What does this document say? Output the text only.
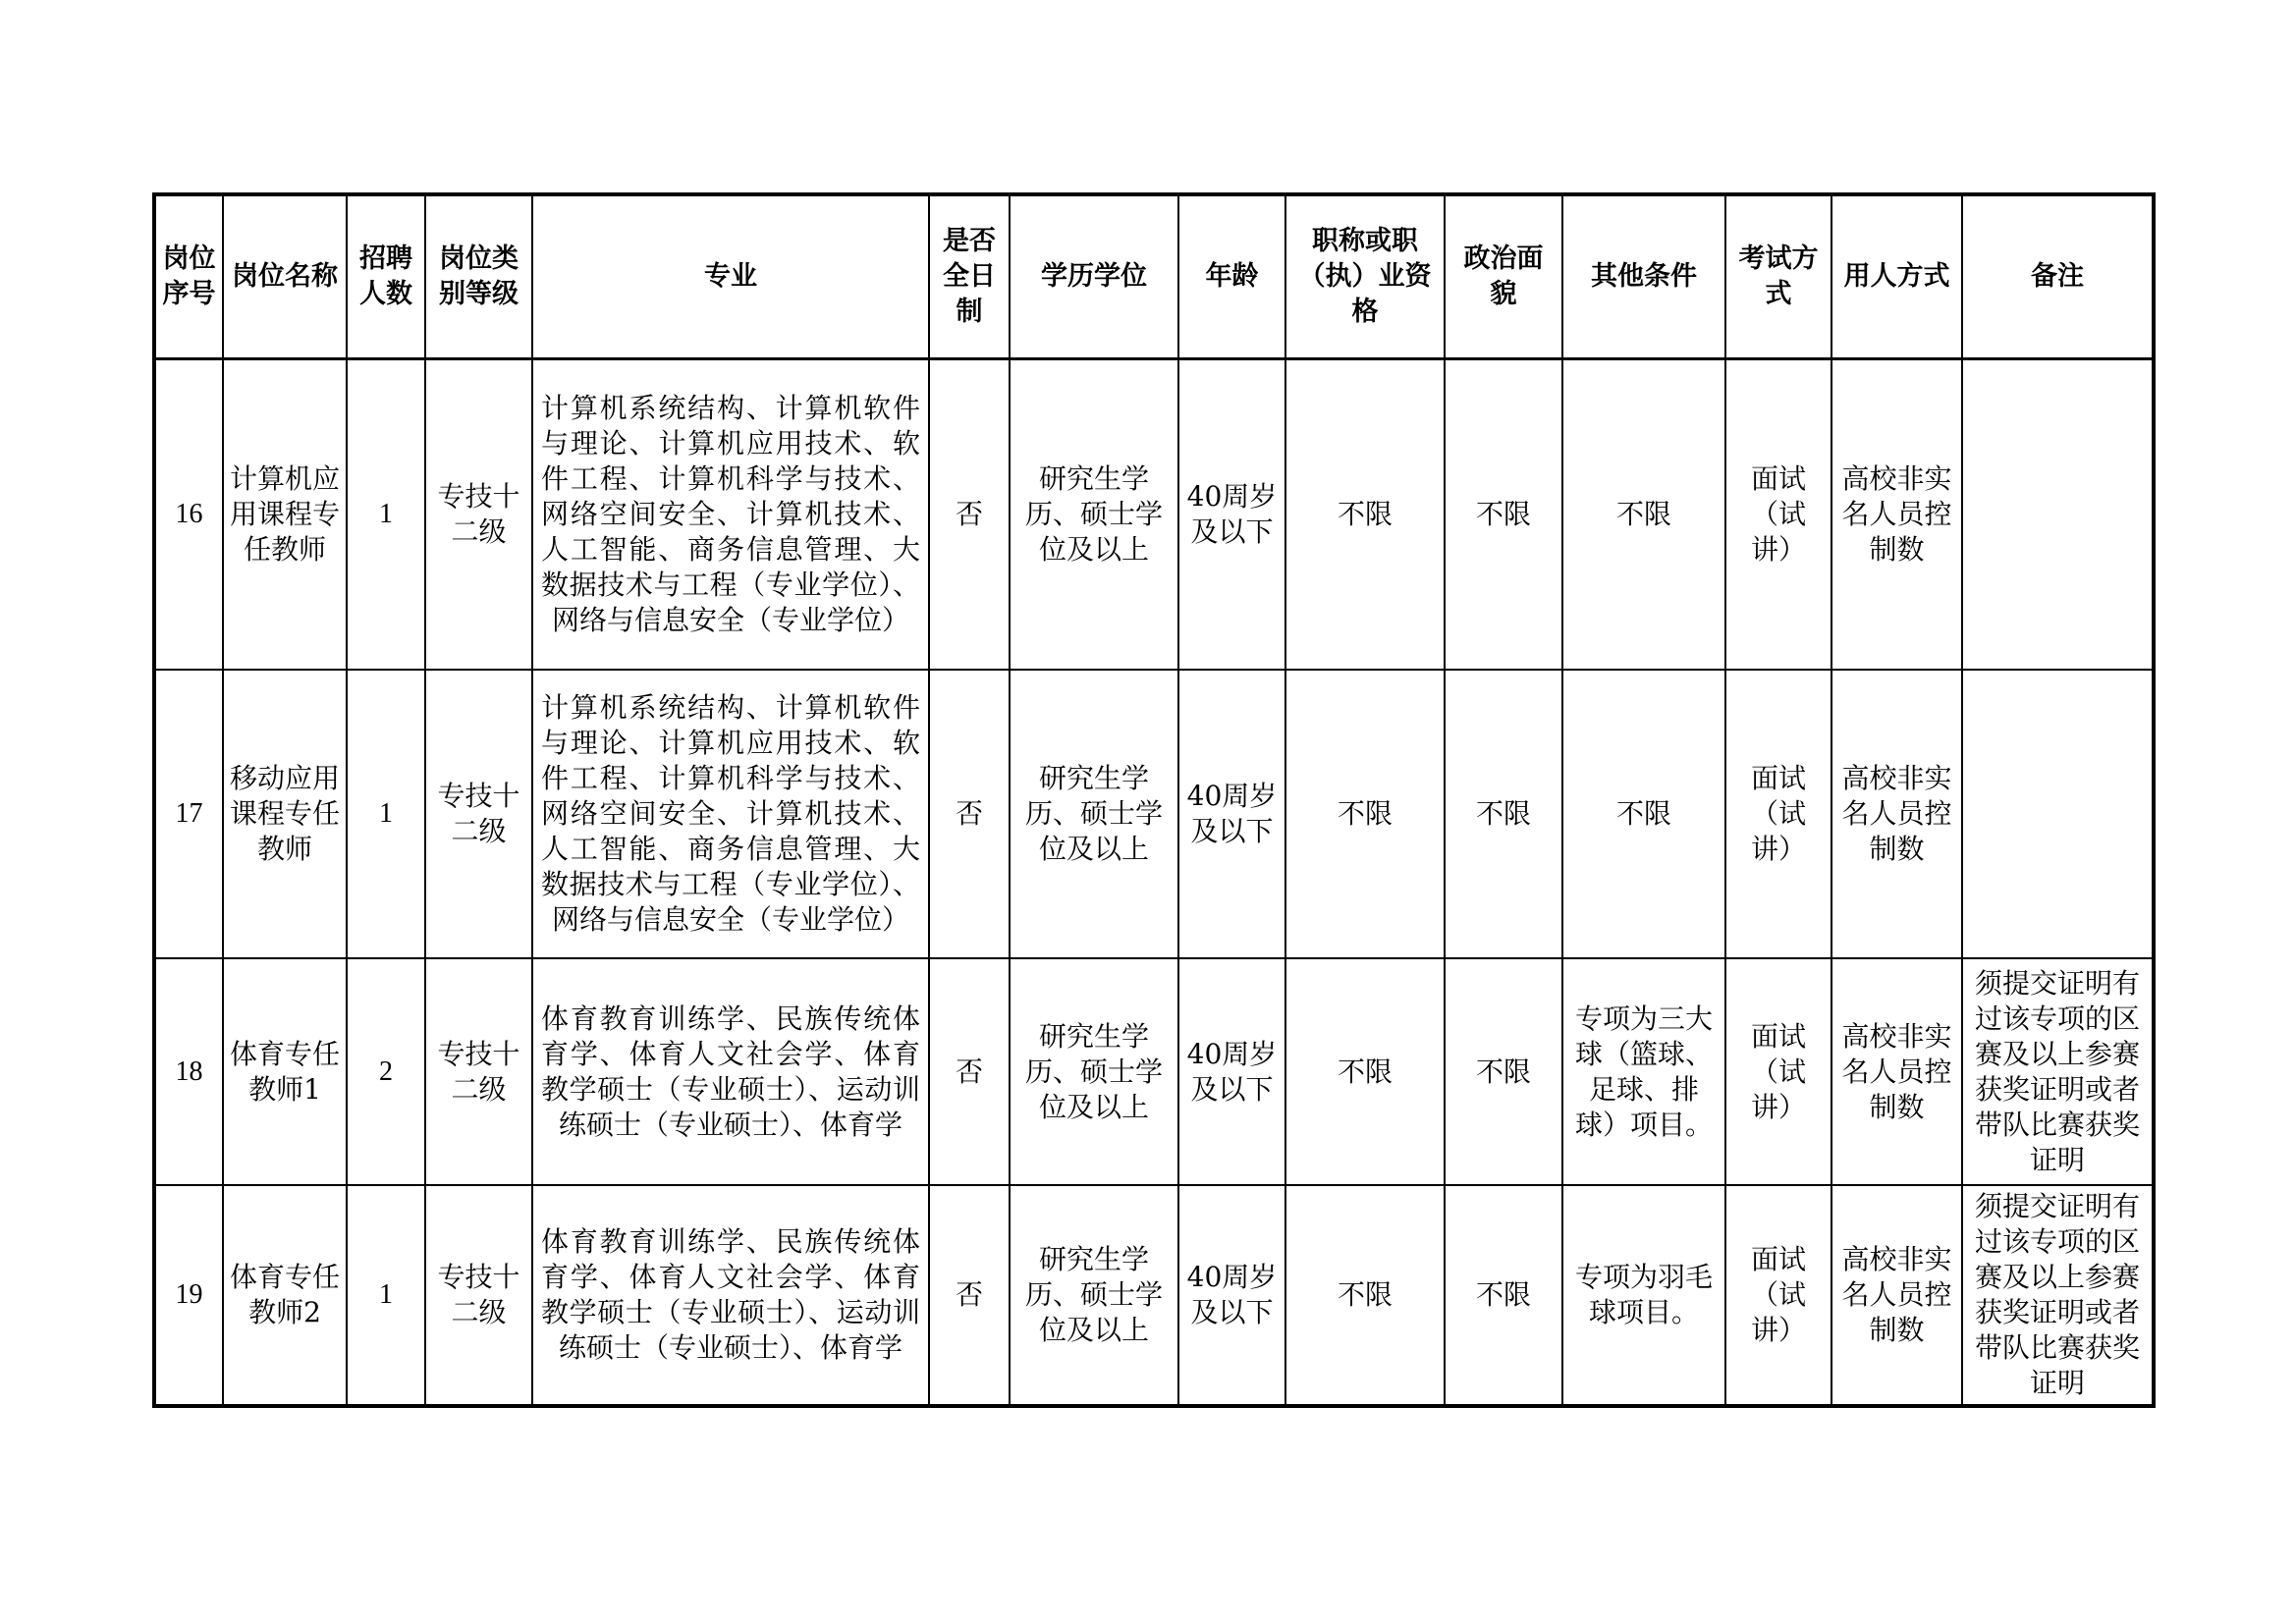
岗位序号	岗位名称	招聘人数	岗位类别等级	专业	是否全日制	学历学位	年龄	职称或职（执）业资格	政治面貌	其他条件	考试方式	用人方式	备注
16	计算机应用课程专任教师	1	专技十二级	计算机系统结构、计算机软件与理论、计算机应用技术、软件工程、计算机科学与技术、网络空间安全、计算机技术、人工智能、商务信息管理、大数据技术与工程（专业学位）、网络与信息安全（专业学位）	否	研究生学历、硕士学位及以上	40周岁及以下	不限	不限	不限	面试（试讲）	高校非实名人员控制数	
17	移动应用课程专任教师	1	专技十二级	计算机系统结构、计算机软件与理论、计算机应用技术、软件工程、计算机科学与技术、网络空间安全、计算机技术、人工智能、商务信息管理、大数据技术与工程（专业学位）、网络与信息安全（专业学位）	否	研究生学历、硕士学位及以上	40周岁及以下	不限	不限	不限	面试（试讲）	高校非实名人员控制数	
18	体育专任教师1	2	专技十二级	体育教育训练学、民族传统体育学、体育人文社会学、体育教学硕士（专业硕士）、运动训练硕士（专业硕士）、体育学	否	研究生学历、硕士学位及以上	40周岁及以下	不限	不限	专项为三大球（篮球、足球、排球）项目。	面试（试讲）	高校非实名人员控制数	须提交证明有过该专项的区赛及以上参赛获奖证明或者带队比赛获奖证明
19	体育专任教师2	1	专技十二级	体育教育训练学、民族传统体育学、体育人文社会学、体育教学硕士（专业硕士）、运动训练硕士（专业硕士）、体育学	否	研究生学历、硕士学位及以上	40周岁及以下	不限	不限	专项为羽毛球项目。	面试（试讲）	高校非实名人员控制数	须提交证明有过该专项的区赛及以上参赛获奖证明或者带队比赛获奖证明
